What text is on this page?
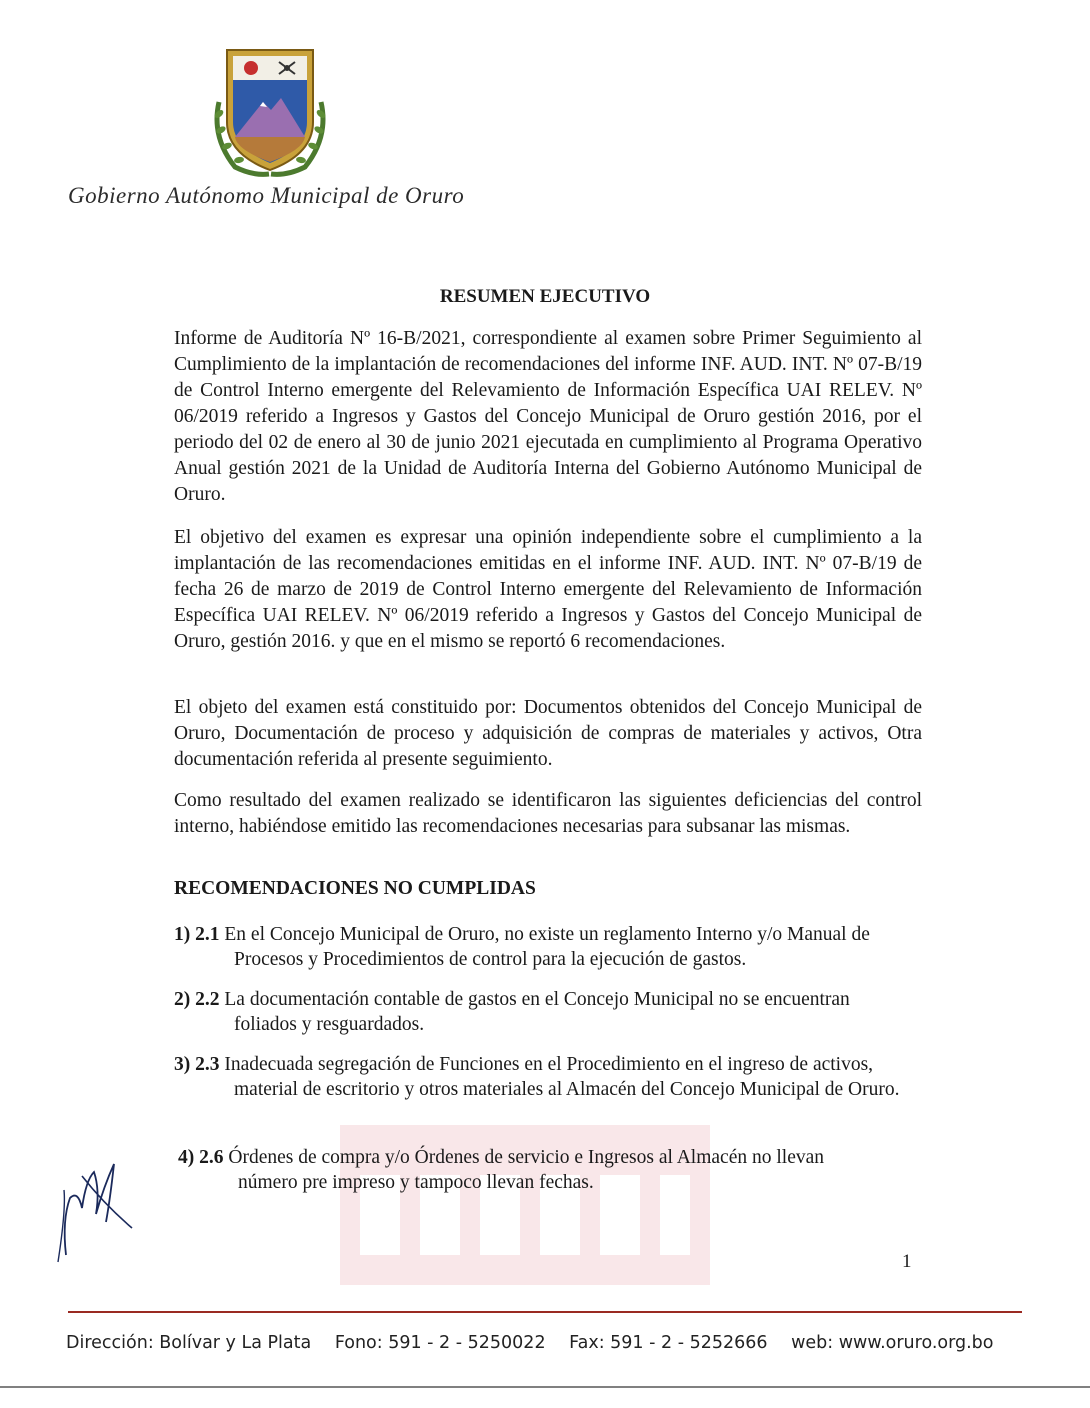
Gobierno Autónomo Municipal de Oruro
RESUMEN EJECUTIVO

Informe de Auditoría Nº 16-B/2021, correspondiente al examen sobre Primer Seguimiento al Cumplimiento de la implantación de recomendaciones del informe INF. AUD. INT. Nº 07-B/19 de Control Interno emergente del Relevamiento de Información Específica UAI RELEV. Nº 06/2019 referido a Ingresos y Gastos del Concejo Municipal de Oruro gestión 2016, por el periodo del 02 de enero al 30 de junio 2021 ejecutada en cumplimiento al Programa Operativo Anual gestión 2021 de la Unidad de Auditoría Interna del Gobierno Autónomo Municipal de Oruro.

El objetivo del examen es expresar una opinión independiente sobre el cumplimiento a la implantación de las recomendaciones emitidas en el informe INF. AUD. INT. Nº 07-B/19 de fecha 26 de marzo de 2019 de Control Interno emergente del Relevamiento de Información Específica UAI RELEV. Nº 06/2019 referido a Ingresos y Gastos del Concejo Municipal de Oruro, gestión 2016. y que en el mismo se reportó 6 recomendaciones.

El objeto del examen está constituido por: Documentos obtenidos del Concejo Municipal de Oruro, Documentación de proceso y adquisición de compras de materiales y activos, Otra documentación referida al presente seguimiento.

Como resultado del examen realizado se identificaron las siguientes deficiencias del control interno, habiéndose emitido las recomendaciones necesarias para subsanar las mismas.

RECOMENDACIONES NO CUMPLIDAS
1) 2.1 En el Concejo Municipal de Oruro, no existe un reglamento Interno y/o Manual de
Procesos y Procedimientos de control para la ejecución de gastos.
2) 2.2 La documentación contable de gastos en el Concejo Municipal no se encuentran
foliados y resguardados.
3) 2.3 Inadecuada segregación de Funciones en el Procedimiento en el ingreso de activos,
material de escritorio y otros materiales al Almacén del Concejo Municipal de Oruro.
4) 2.6 Órdenes de compra y/o Órdenes de servicio e Ingresos al Almacén no llevan
número pre impreso y tampoco llevan fechas.
1
Dirección: Bolívar y La Plata Fono: 591 - 2 - 5250022 Fax: 591 - 2 - 5252666 web: www.oruro.org.bo
